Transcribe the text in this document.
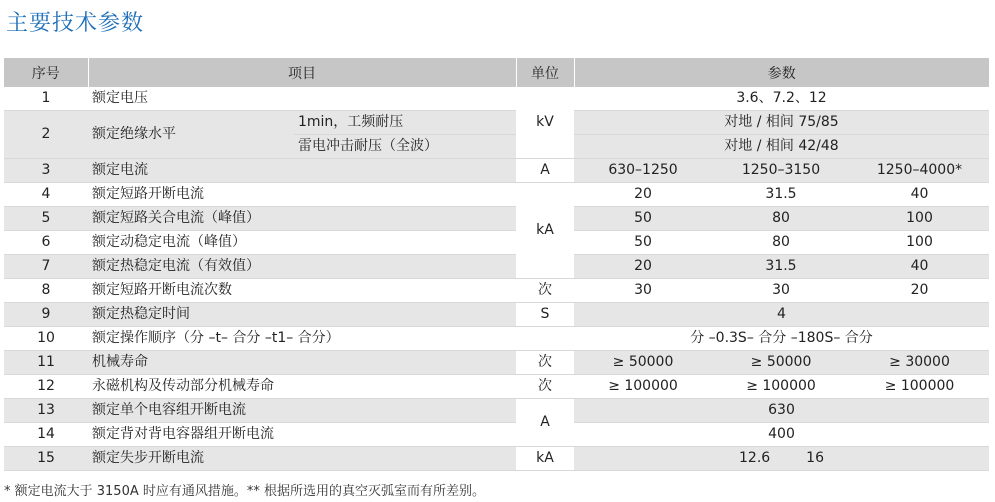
主要技术参数
序号	项目		单位	参数		
1	额定电压		kV	3.6、7.2、12		
2	额定绝缘水平	1min，工频耐压		对地 / 相间 75/85		
		雷电冲击耐压（全波）		对地 / 相间 42/48		
3	额定电流		A	630–1250	1250–3150	1250–4000*
4	额定短路开断电流		kA	20	31.5	40
5	额定短路关合电流（峰值）			50	80	100
6	额定动稳定电流（峰值）			50	80	100
7	额定热稳定电流（有效值）			20	31.5	40
8	额定短路开断电流次数		次	30	30	20
9	额定热稳定时间		S	4		
10	额定操作顺序（分 –t– 合分 –t1– 合分）			分 –0.3S– 合分 –180S– 合分		
11	机械寿命		次	≥ 50000	≥ 50000	≥ 30000
12	永磁机构及传动部分机械寿命		次	≥ 100000	≥ 100000	≥ 100000
13	额定单个电容组开断电流		A	630		
14	额定背对背电容器组开断电流			400		
15	额定失步开断电流		kA	12.6 16		
* 额定电流大于 3150A 时应有通风措施。** 根据所选用的真空灭弧室而有所差别。
